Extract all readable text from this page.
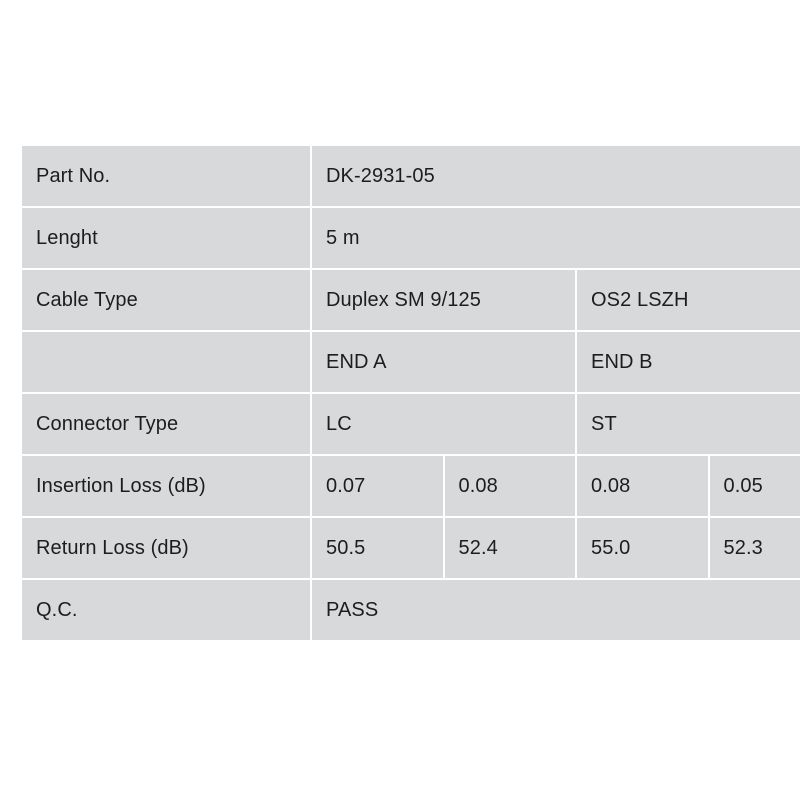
Part No.	DK-2931-05			
Lenght	5 m			
Cable Type	Duplex SM 9/125		OS2 LSZH	
	END A		END B	
Connector Type	LC		ST	
Insertion Loss (dB)	0.07	0.08	0.08	0.05
Return Loss (dB)	50.5	52.4	55.0	52.3
Q.C.	PASS			
